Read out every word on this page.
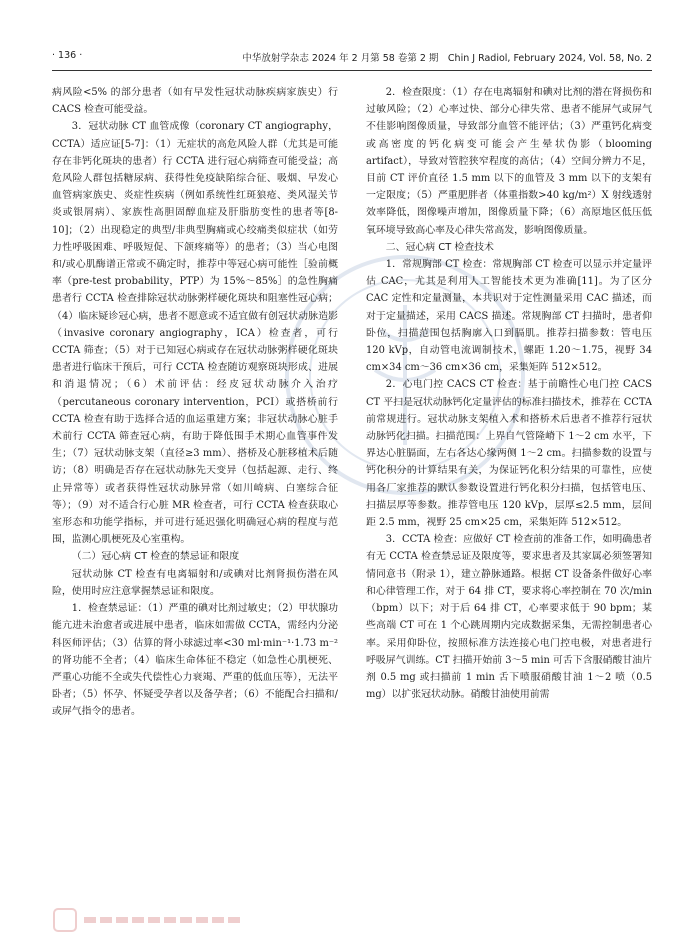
· 136 ·	中华放射学杂志 2024 年 2 月第 58 卷第 2 期　Chin J Radiol, February 2024, Vol. 58, No. 2

病风险<5% 的部分患者（如有早发性冠状动脉疾病家族史）行 CACS 检查可能受益。

3．冠状动脉 CT 血管成像（coronary CT angiography，CCTA）适应证[5-7]：（1）无症状的高危风险人群（尤其是可能存在非钙化斑块的患者）行 CCTA 进行冠心病筛查可能受益；高危风险人群包括糖尿病、获得性免疫缺陷综合征、吸烟、早发心血管病家族史、炎症性疾病（例如系统性红斑狼疮、类风湿关节炎或银屑病）、家族性高胆固醇血症及肝脂肪变性的患者等[8-10]；（2）出现稳定的典型/非典型胸痛或心绞痛类似症状（如劳力性呼吸困难、呼吸短促、下颌疼痛等）的患者；（3）当心电图和/或心肌酶谱正常或不确定时，推荐中等冠心病可能性［验前概率（pre-test probability，PTP）为 15%～85%］的急性胸痛患者行 CCTA 检查排除冠状动脉粥样硬化斑块和阻塞性冠心病；（4）临床疑诊冠心病，患者不愿意或不适宜做有创冠状动脉造影（invasive coronary angiography，ICA）检查者，可行 CCTA 筛查；（5）对于已知冠心病或存在冠状动脉粥样硬化斑块患者进行临床干预后，可行 CCTA 检查随访观察斑块形成、进展和消退情况；（6）术前评估：经皮冠状动脉介入治疗（percutaneous coronary intervention，PCI）或搭桥前行 CCTA 检查有助于选择合适的血运重建方案；非冠状动脉心脏手术前行 CCTA 筛查冠心病，有助于降低围手术期心血管事件发生；（7）冠状动脉支架（直径≥3 mm）、搭桥及心脏移植术后随访；（8）明确是否存在冠状动脉先天变异（包括起源、走行、终止异常等）或者获得性冠状动脉异常（如川崎病、白塞综合征等）；（9）对不适合行心脏 MR 检查者，可行 CCTA 检查获取心室形态和功能学指标，并可进行延迟强化明确冠心病的程度与范围，监测心肌梗死及心室重构。

（二）冠心病 CT 检查的禁忌证和限度

冠状动脉 CT 检查有电离辐射和/或碘对比剂肾损伤潜在风险，使用时应注意掌握禁忌证和限度。

1．检查禁忌证：（1）严重的碘对比剂过敏史；（2）甲状腺功能亢进未治愈者或进展中患者，临床如需做 CCTA，需经内分泌科医师评估；（3）估算的肾小球滤过率<30 ml·min⁻¹·1.73 m⁻² 的肾功能不全者；（4）临床生命体征不稳定（如急性心肌梗死、严重心功能不全或失代偿性心力衰竭、严重的低血压等），无法平卧者；（5）怀孕、怀疑受孕者以及备孕者；（6）不能配合扫描和/或屏气指令的患者。

2．检查限度：（1）存在电离辐射和碘对比剂的潜在肾损伤和过敏风险；（2）心率过快、部分心律失常、患者不能屏气或屏气不佳影响图像质量，导致部分血管不能评估；（3）严重钙化病变或高密度的钙化病变可能会产生晕状伪影（blooming artifact），导致对管腔狭窄程度的高估；（4）空间分辨力不足，目前 CT 评价直径 1.5 mm 以下的血管及 3 mm 以下的支架有一定限度；（5）严重肥胖者（体重指数>40 kg/m²）X 射线透射效率降低，图像噪声增加，图像质量下降；（6）高原地区低压低氧环境导致高心率及心律失常高发，影响图像质量。

二、冠心病 CT 检查技术

1．常规胸部 CT 检查：常规胸部 CT 检查可以显示并定量评估 CAC，尤其是利用人工智能技术更为准确[11]。为了区分 CAC 定性和定量测量，本共识对于定性测量采用 CAC 描述，而对于定量描述，采用 CACS 描述。常规胸部 CT 扫描时，患者仰卧位，扫描范围包括胸廓入口到膈肌。推荐扫描参数：管电压 120 kVp，自动管电流调制技术，螺距 1.20～1.75，视野 34 cm×34 cm～36 cm×36 cm，采集矩阵 512×512。

2．心电门控 CACS CT 检查：基于前瞻性心电门控 CACS CT 平扫是冠状动脉钙化定量评估的标准扫描技术，推荐在 CCTA 前常规进行。冠状动脉支架植入术和搭桥术后患者不推荐行冠状动脉钙化扫描。扫描范围：上界自气管隆嵴下 1～2 cm 水平，下界达心脏膈面，左右各达心缘两侧 1～2 cm。扫描参数的设置与钙化积分的计算结果有关，为保证钙化积分结果的可靠性，应使用各厂家推荐的默认参数设置进行钙化积分扫描，包括管电压、扫描层厚等参数。推荐管电压 120 kVp，层厚≤2.5 mm，层间距 2.5 mm，视野 25 cm×25 cm，采集矩阵 512×512。

3．CCTA 检查：应做好 CT 检查前的准备工作，如明确患者有无 CCTA 检查禁忌证及限度等，要求患者及其家属必须签署知情同意书（附录 1），建立静脉通路。根据 CT 设备条件做好心率和心律管理工作，对于 64 排 CT，要求将心率控制在 70 次/min（bpm）以下；对于后 64 排 CT，心率要求低于 90 bpm；某些高端 CT 可在 1 个心跳周期内完成数据采集，无需控制患者心率。采用仰卧位，按照标准方法连接心电门控电极，对患者进行呼吸屏气训练。CT 扫描开始前 3～5 min 可舌下含服硝酸甘油片剂 0.5 mg 或扫描前 1 min 舌下喷服硝酸甘油 1～2 喷（0.5 mg）以扩张冠状动脉。硝酸甘油使用前需
